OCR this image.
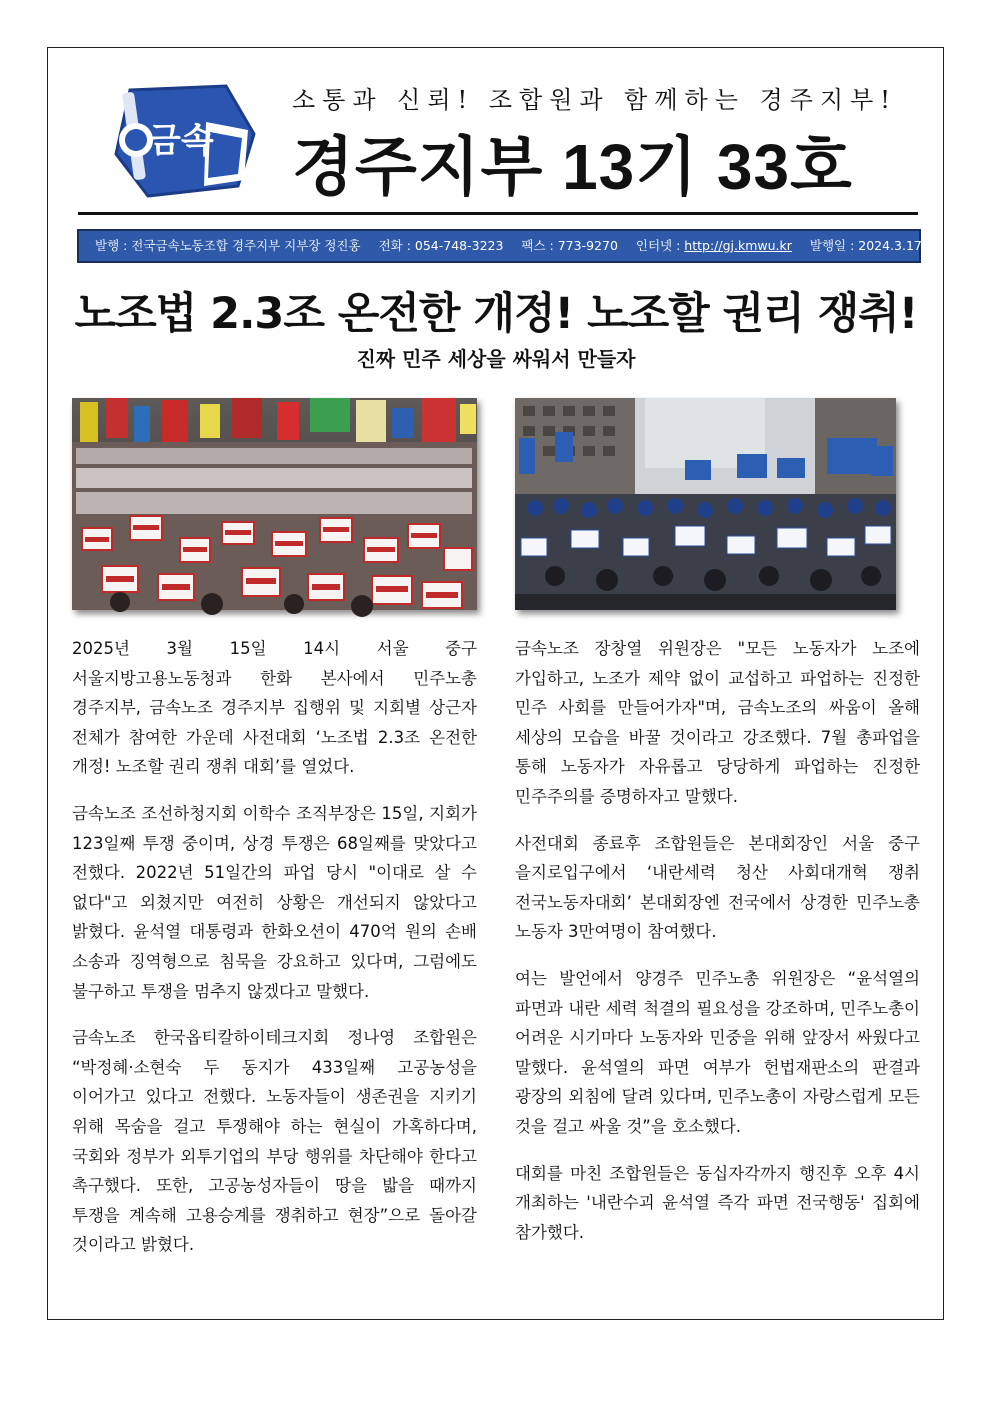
금속
소통과 신뢰! 조합원과 함께하는 경주지부!
경주지부 13기 33호
발행 : 전국금속노동조합 경주지부 지부장 정진홍 전화 : 054-748-3223 팩스 : 773-9270 인터넷 : http://gj.kmwu.kr 발행일 : 2024.3.17(월)
노조법 2.3조 온전한 개정! 노조할 권리 쟁취!
진짜 민주 세상을 싸워서 만들자

2025년 3월 15일 14시 서울 중구 서울지방고용노동청과 한화 본사에서 민주노총 경주지부, 금속노조 경주지부 집행위 및 지회별 상근자 전체가 참여한 가운데 사전대회 ‘노조법 2.3조 온전한 개정! 노조할 권리 쟁취 대회’를 열었다.

금속노조 조선하청지회 이학수 조직부장은 15일, 지회가 123일째 투쟁 중이며, 상경 투쟁은 68일째를 맞았다고 전했다. 2022년 51일간의 파업 당시 "이대로 살 수 없다"고 외쳤지만 여전히 상황은 개선되지 않았다고 밝혔다. 윤석열 대통령과 한화오션이 470억 원의 손배 소송과 징역형으로 침묵을 강요하고 있다며, 그럼에도 불구하고 투쟁을 멈추지 않겠다고 말했다.

금속노조 한국옵티칼하이테크지회 정나영 조합원은 “박정혜·소현숙 두 동지가 433일째 고공농성을 이어가고 있다고 전했다. 노동자들이 생존권을 지키기 위해 목숨을 걸고 투쟁해야 하는 현실이 가혹하다며, 국회와 정부가 외투기업의 부당 행위를 차단해야 한다고 촉구했다. 또한, 고공농성자들이 땅을 밟을 때까지 투쟁을 계속해 고용승계를 쟁취하고 현장”으로 돌아갈 것이라고 밝혔다.

금속노조 장창열 위원장은 "모든 노동자가 노조에 가입하고, 노조가 제약 없이 교섭하고 파업하는 진정한 민주 사회를 만들어가자"며, 금속노조의 싸움이 올해 세상의 모습을 바꿀 것이라고 강조했다. 7월 총파업을 통해 노동자가 자유롭고 당당하게 파업하는 진정한 민주주의를 증명하자고 말했다.

사전대회 종료후 조합원들은 본대회장인 서울 중구 을지로입구에서 ‘내란세력 청산 사회대개혁 쟁취 전국노동자대회’ 본대회장엔 전국에서 상경한 민주노총 노동자 3만여명이 참여했다.

여는 발언에서 양경주 민주노총 위원장은 “윤석열의 파면과 내란 세력 척결의 필요성을 강조하며, 민주노총이 어려운 시기마다 노동자와 민중을 위해 앞장서 싸웠다고 말했다. 윤석열의 파면 여부가 헌법재판소의 판결과 광장의 외침에 달려 있다며, 민주노총이 자랑스럽게 모든 것을 걸고 싸울 것”을 호소했다.

대회를 마친 조합원들은 동십자각까지 행진후 오후 4시 개최하는 '내란수괴 윤석열 즉각 파면 전국행동' 집회에 참가했다.
